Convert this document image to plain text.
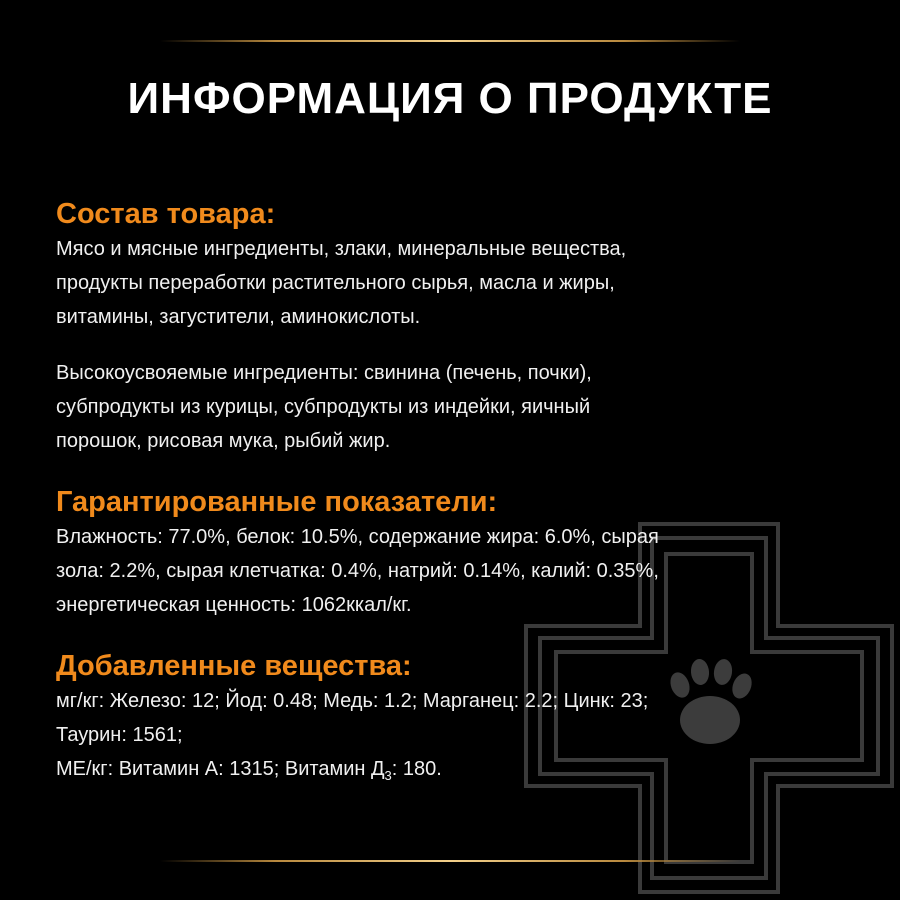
ИНФОРМАЦИЯ О ПРОДУКТЕ
Состав товара:

Мясо и мясные ингредиенты, злаки, минеральные вещества,

продукты переработки растительного сырья, масла и жиры,

витамины, загустители, аминокислоты.

Высокоусвояемые ингредиенты: свинина (печень, почки),

субпродукты из курицы, субпродукты из индейки, яичный

порошок, рисовая мука, рыбий жир.

Гарантированные показатели:

Влажность: 77.0%, белок: 10.5%, содержание жира: 6.0%, сырая

зола: 2.2%, сырая клетчатка: 0.4%, натрий: 0.14%, калий: 0.35%,

энергетическая ценность: 1062ккал/кг.

Добавленные вещества:

мг/кг: Железо: 12; Йод: 0.48; Медь: 1.2; Марганец: 2.2; Цинк: 23;

Таурин: 1561;

МЕ/кг: Витамин А: 1315; Витамин $Д_3$: 180.
